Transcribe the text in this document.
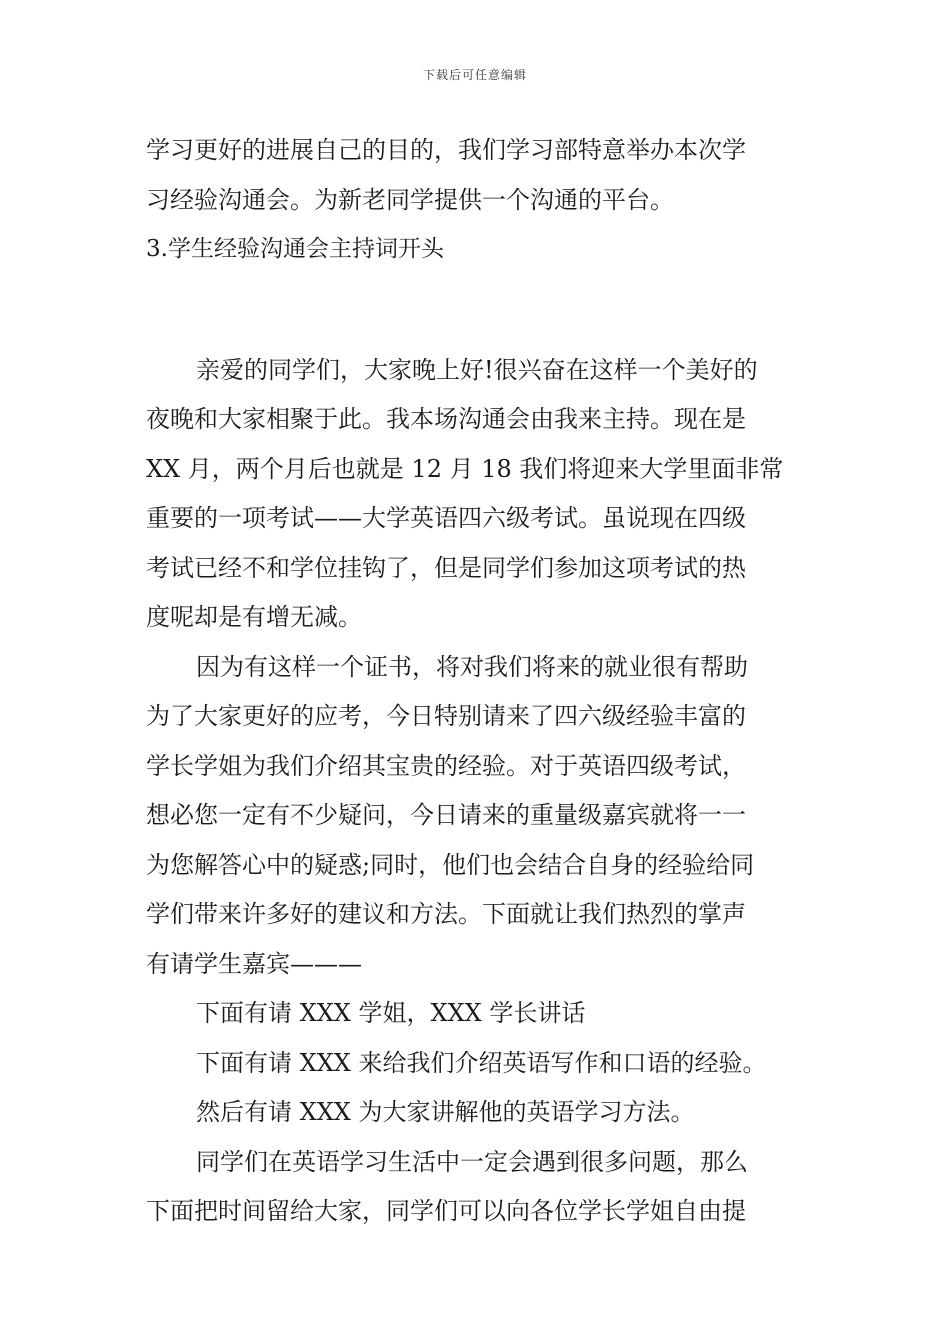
下载后可任意编辑
学习更好的进展自己的目的，我们学习部特意举办本次学
习经验沟通会。为新老同学提供一个沟通的平台。
3.学生经验沟通会主持词开头
亲爱的同学们，大家晚上好!很兴奋在这样一个美好的
夜晚和大家相聚于此。我本场沟通会由我来主持。现在是
XX 月，两个月后也就是 12 月 18 我们将迎来大学里面非常
重要的一项考试——大学英语四六级考试。虽说现在四级
考试已经不和学位挂钩了，但是同学们参加这项考试的热
度呢却是有增无减。
因为有这样一个证书，将对我们将来的就业很有帮助
为了大家更好的应考，今日特别请来了四六级经验丰富的
学长学姐为我们介绍其宝贵的经验。对于英语四级考试，
想必您一定有不少疑问，今日请来的重量级嘉宾就将一一
为您解答心中的疑惑;同时，他们也会结合自身的经验给同
学们带来许多好的建议和方法。下面就让我们热烈的掌声
有请学生嘉宾———
下面有请 XXX 学姐，XXX 学长讲话
下面有请 XXX 来给我们介绍英语写作和口语的经验。
然后有请 XXX 为大家讲解他的英语学习方法。
同学们在英语学习生活中一定会遇到很多问题，那么
下面把时间留给大家，同学们可以向各位学长学姐自由提
